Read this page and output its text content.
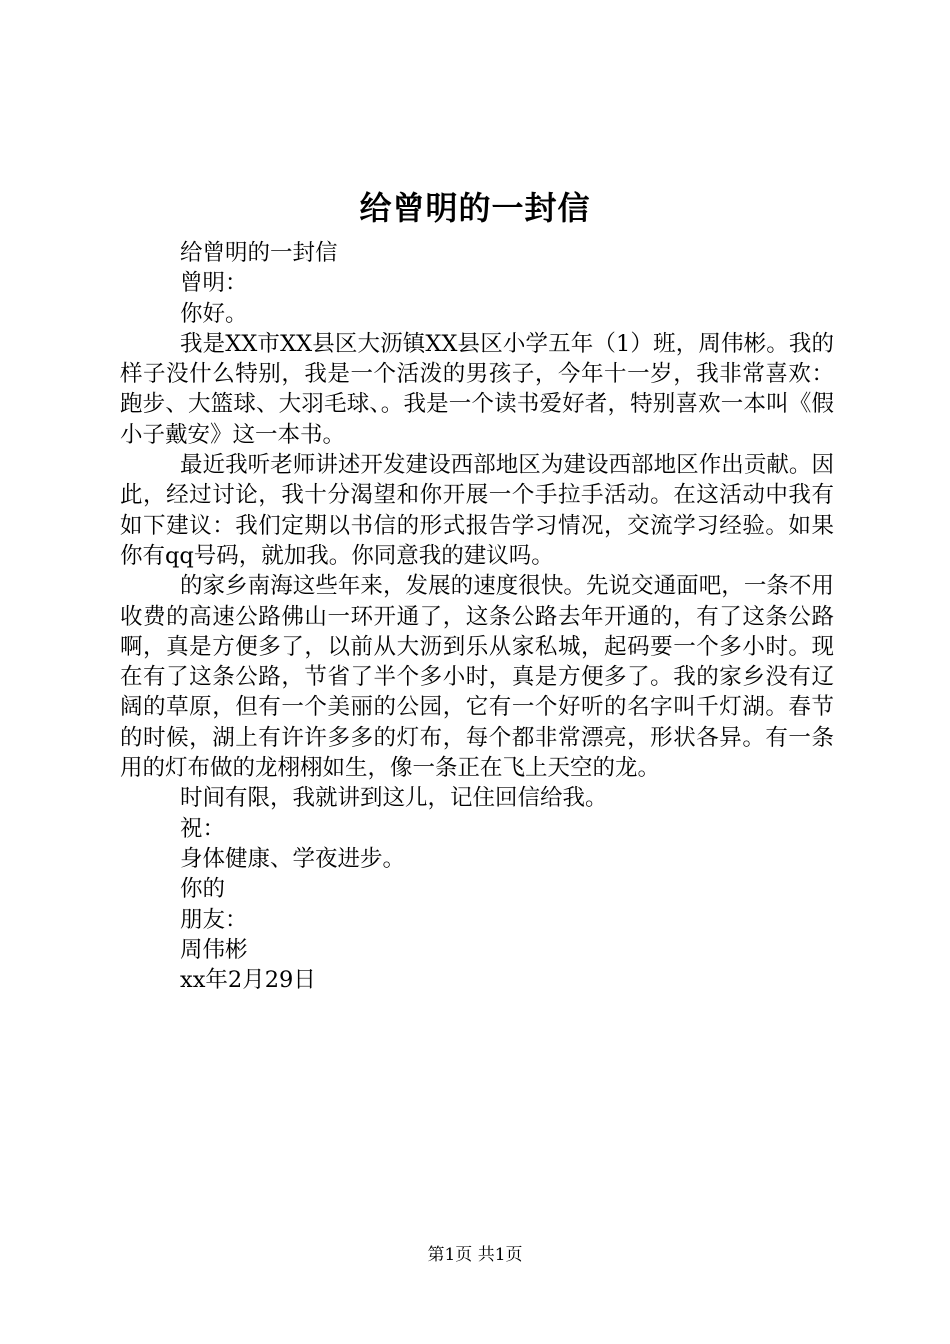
给曾明的一封信

给曾明的一封信

曾明：

你好。

我是XX市XX县区大沥镇XX县区小学五年（1）班，周伟彬。我的样子没什么特别，我是一个活泼的男孩子，今年十一岁，我非常喜欢：跑步、大篮球、大羽毛球、。我是一个读书爱好者，特别喜欢一本叫《假小子戴安》这一本书。

最近我听老师讲述开发建设西部地区为建设西部地区作出贡献。因此，经过讨论，我十分渴望和你开展一个手拉手活动。在这活动中我有如下建议：我们定期以书信的形式报告学习情况，交流学习经验。如果你有qq号码，就加我。你同意我的建议吗。

的家乡南海这些年来，发展的速度很快。先说交通面吧，一条不用收费的高速公路佛山一环开通了，这条公路去年开通的，有了这条公路啊，真是方便多了，以前从大沥到乐从家私城，起码要一个多小时。现在有了这条公路，节省了半个多小时，真是方便多了。我的家乡没有辽阔的草原，但有一个美丽的公园，它有一个好听的名字叫千灯湖。春节的时候，湖上有许许多多的灯布，每个都非常漂亮，形状各异。有一条用的灯布做的龙栩栩如生，像一条正在飞上天空的龙。

时间有限，我就讲到这儿，记住回信给我。

祝：

身体健康、学夜进步。

你的

朋友：

周伟彬

xx年2月29日

第1页 共1页
